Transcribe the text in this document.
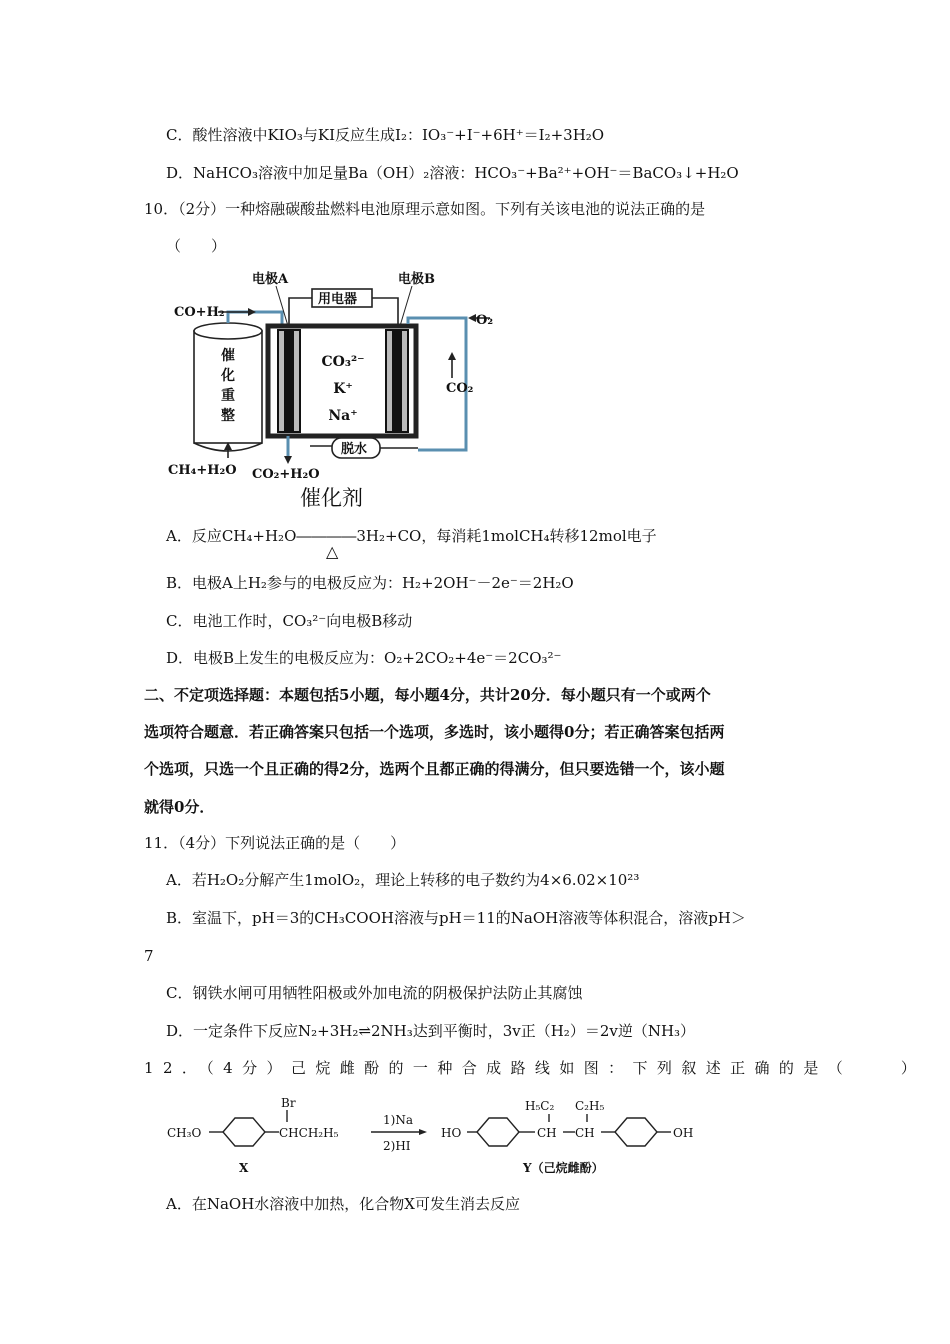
C．酸性溶液中KIO₃与KI反应生成I₂：IO₃⁻+I⁻+6H⁺＝I₂+3H₂O
D．NaHCO₃溶液中加足量Ba（OH）₂溶液：HCO₃⁻+Ba²⁺+OH⁻＝BaCO₃↓+H₂O
10．（2分）一种熔融碳酸盐燃料电池原理示意如图。下列有关该电池的说法正确的是
（　　）
电极A	电极B
CO+H₂
用电器
O₂
CO₂
CH₄+H₂O CO₂+H₂O
脱水
催
化
重
整
CO₃²⁻
K⁺
Na⁺
催化剂
A．反应CH₄+H₂O――――3H₂+CO，每消耗1molCH₄转移12mol电子
△
B．电极A上H₂参与的电极反应为：H₂+2OH⁻－2e⁻＝2H₂O
C．电池工作时，CO₃²⁻向电极B移动
D．电极B上发生的电极反应为：O₂+2CO₂+4e⁻＝2CO₃²⁻
二、不定项选择题：本题包括5小题，每小题4分，共计20分．每小题只有一个或两个
选项符合题意．若正确答案只包括一个选项，多选时，该小题得0分；若正确答案包括两
个选项，只选一个且正确的得2分，选两个且都正确的得满分，但只要选错一个，该小题
就得0分．
11．（4分）下列说法正确的是（　　）
A．若H₂O₂分解产生1molO₂，理论上转移的电子数约为4×6.02×10²³
B．室温下，pH＝3的CH₃COOH溶液与pH＝11的NaOH溶液等体积混合，溶液pH＞
7
C．钢铁水闸可用牺牲阳极或外加电流的阴极保护法防止其腐蚀
D．一定条件下反应N₂+3H₂⇌2NH₃达到平衡时，3v正（H₂）＝2v逆（NH₃）
12．（4分）己烷雌酚的一种合成路线如图：下列叙述正确的是（　　）
CH₃O
Br
CHCH₂H₅
X
1)Na
2)HI
HO
H₅C₂ C₂H₅
CH CH	OH
Y（己烷雌酚）
A．在NaOH水溶液中加热，化合物X可发生消去反应
